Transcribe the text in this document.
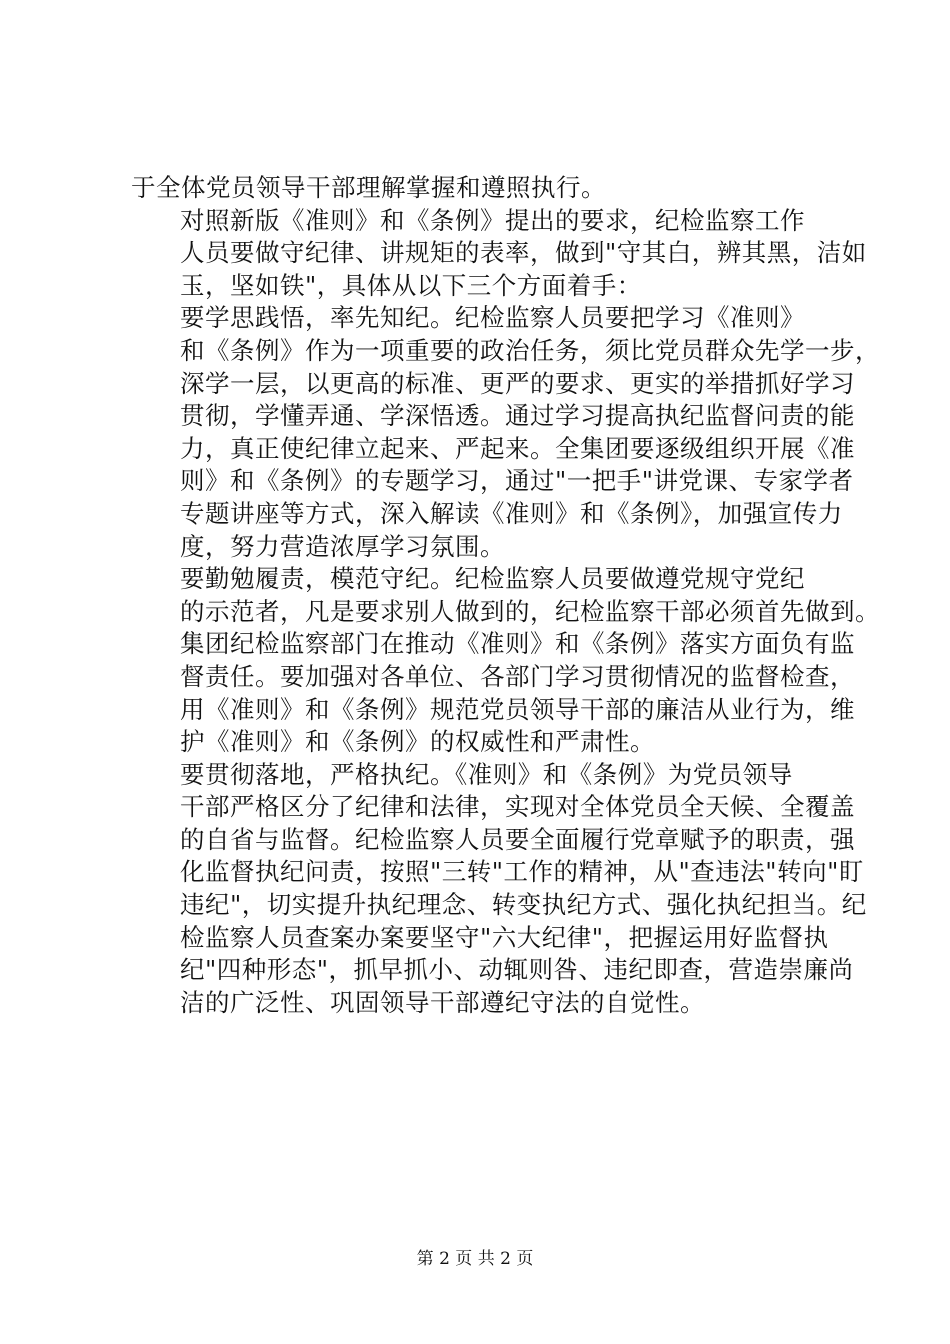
于全体党员领导干部理解掌握和遵照执行。

对照新版《准则》和《条例》提出的要求，纪检监察工作
人员要做守纪律、讲规矩的表率，做到"守其白，辨其黑，洁如
玉，坚如铁"，具体从以下三个方面着手：

要学思践悟，率先知纪。纪检监察人员要把学习《准则》
和《条例》作为一项重要的政治任务，须比党员群众先学一步，
深学一层，以更高的标准、更严的要求、更实的举措抓好学习
贯彻，学懂弄通、学深悟透。通过学习提高执纪监督问责的能
力，真正使纪律立起来、严起来。全集团要逐级组织开展《准
则》和《条例》的专题学习，通过"一把手"讲党课、专家学者
专题讲座等方式，深入解读《准则》和《条例》，加强宣传力
度，努力营造浓厚学习氛围。

要勤勉履责，模范守纪。纪检监察人员要做遵党规守党纪
的示范者，凡是要求别人做到的，纪检监察干部必须首先做到。
集团纪检监察部门在推动《准则》和《条例》落实方面负有监
督责任。要加强对各单位、各部门学习贯彻情况的监督检查，
用《准则》和《条例》规范党员领导干部的廉洁从业行为，维
护《准则》和《条例》的权威性和严肃性。

要贯彻落地，严格执纪。《准则》和《条例》为党员领导
干部严格区分了纪律和法律，实现对全体党员全天候、全覆盖
的自省与监督。纪检监察人员要全面履行党章赋予的职责，强
化监督执纪问责，按照"三转"工作的精神，从"查违法"转向"盯
违纪"，切实提升执纪理念、转变执纪方式、强化执纪担当。纪
检监察人员查案办案要坚守"六大纪律"，把握运用好监督执
纪"四种形态"，抓早抓小、动辄则咎、违纪即查，营造崇廉尚
洁的广泛性、巩固领导干部遵纪守法的自觉性。

第 2 页 共 2 页
